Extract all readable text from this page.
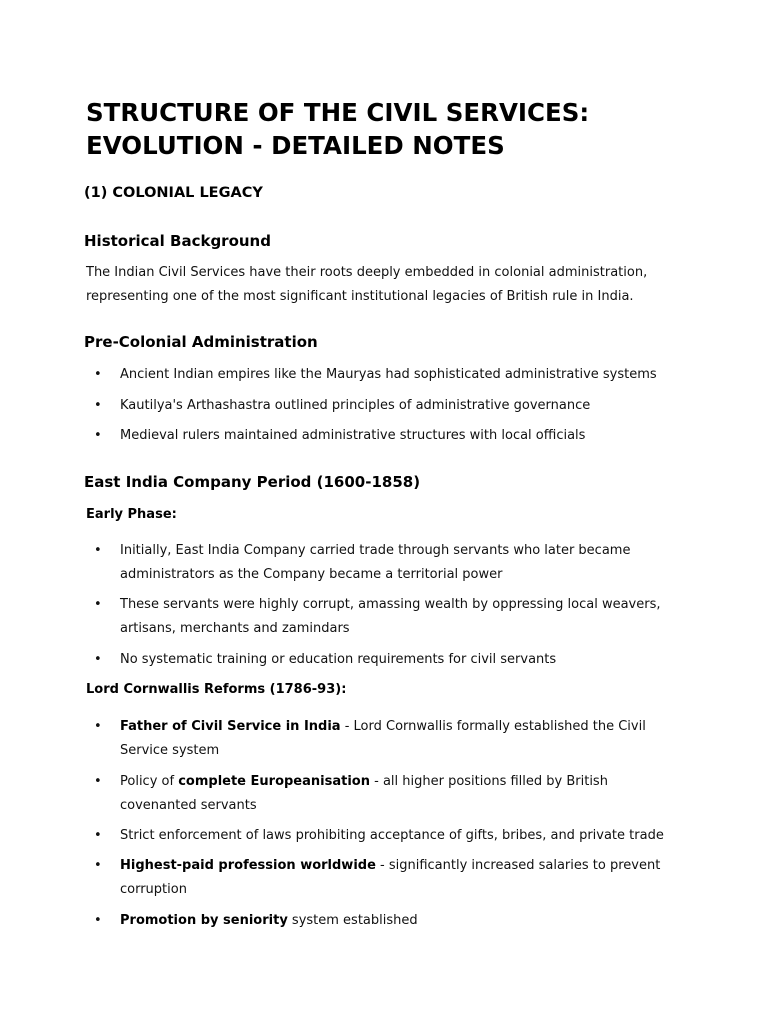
STRUCTURE OF THE CIVIL SERVICES: EVOLUTION - DETAILED NOTES
(1) COLONIAL LEGACY
Historical Background

The Indian Civil Services have their roots deeply embedded in colonial administration,
representing one of the most significant institutional legacies of British rule in India.

Pre-Colonial Administration
• Ancient Indian empires like the Mauryas had sophisticated administrative systems
• Kautilya's Arthashastra outlined principles of administrative governance
• Medieval rulers maintained administrative structures with local officials
East India Company Period (1600-1858)
Early Phase:
• Initially, East India Company carried trade through servants who later became
administrators as the Company became a territorial power
• These servants were highly corrupt, amassing wealth by oppressing local weavers,
artisans, merchants and zamindars
• No systematic training or education requirements for civil servants
Lord Cornwallis Reforms (1786-93):
• Father of Civil Service in India - Lord Cornwallis formally established the Civil
Service system
• Policy of complete Europeanisation - all higher positions filled by British
covenanted servants
• Strict enforcement of laws prohibiting acceptance of gifts, bribes, and private trade
• Highest-paid profession worldwide - significantly increased salaries to prevent
corruption
• Promotion by seniority system established
